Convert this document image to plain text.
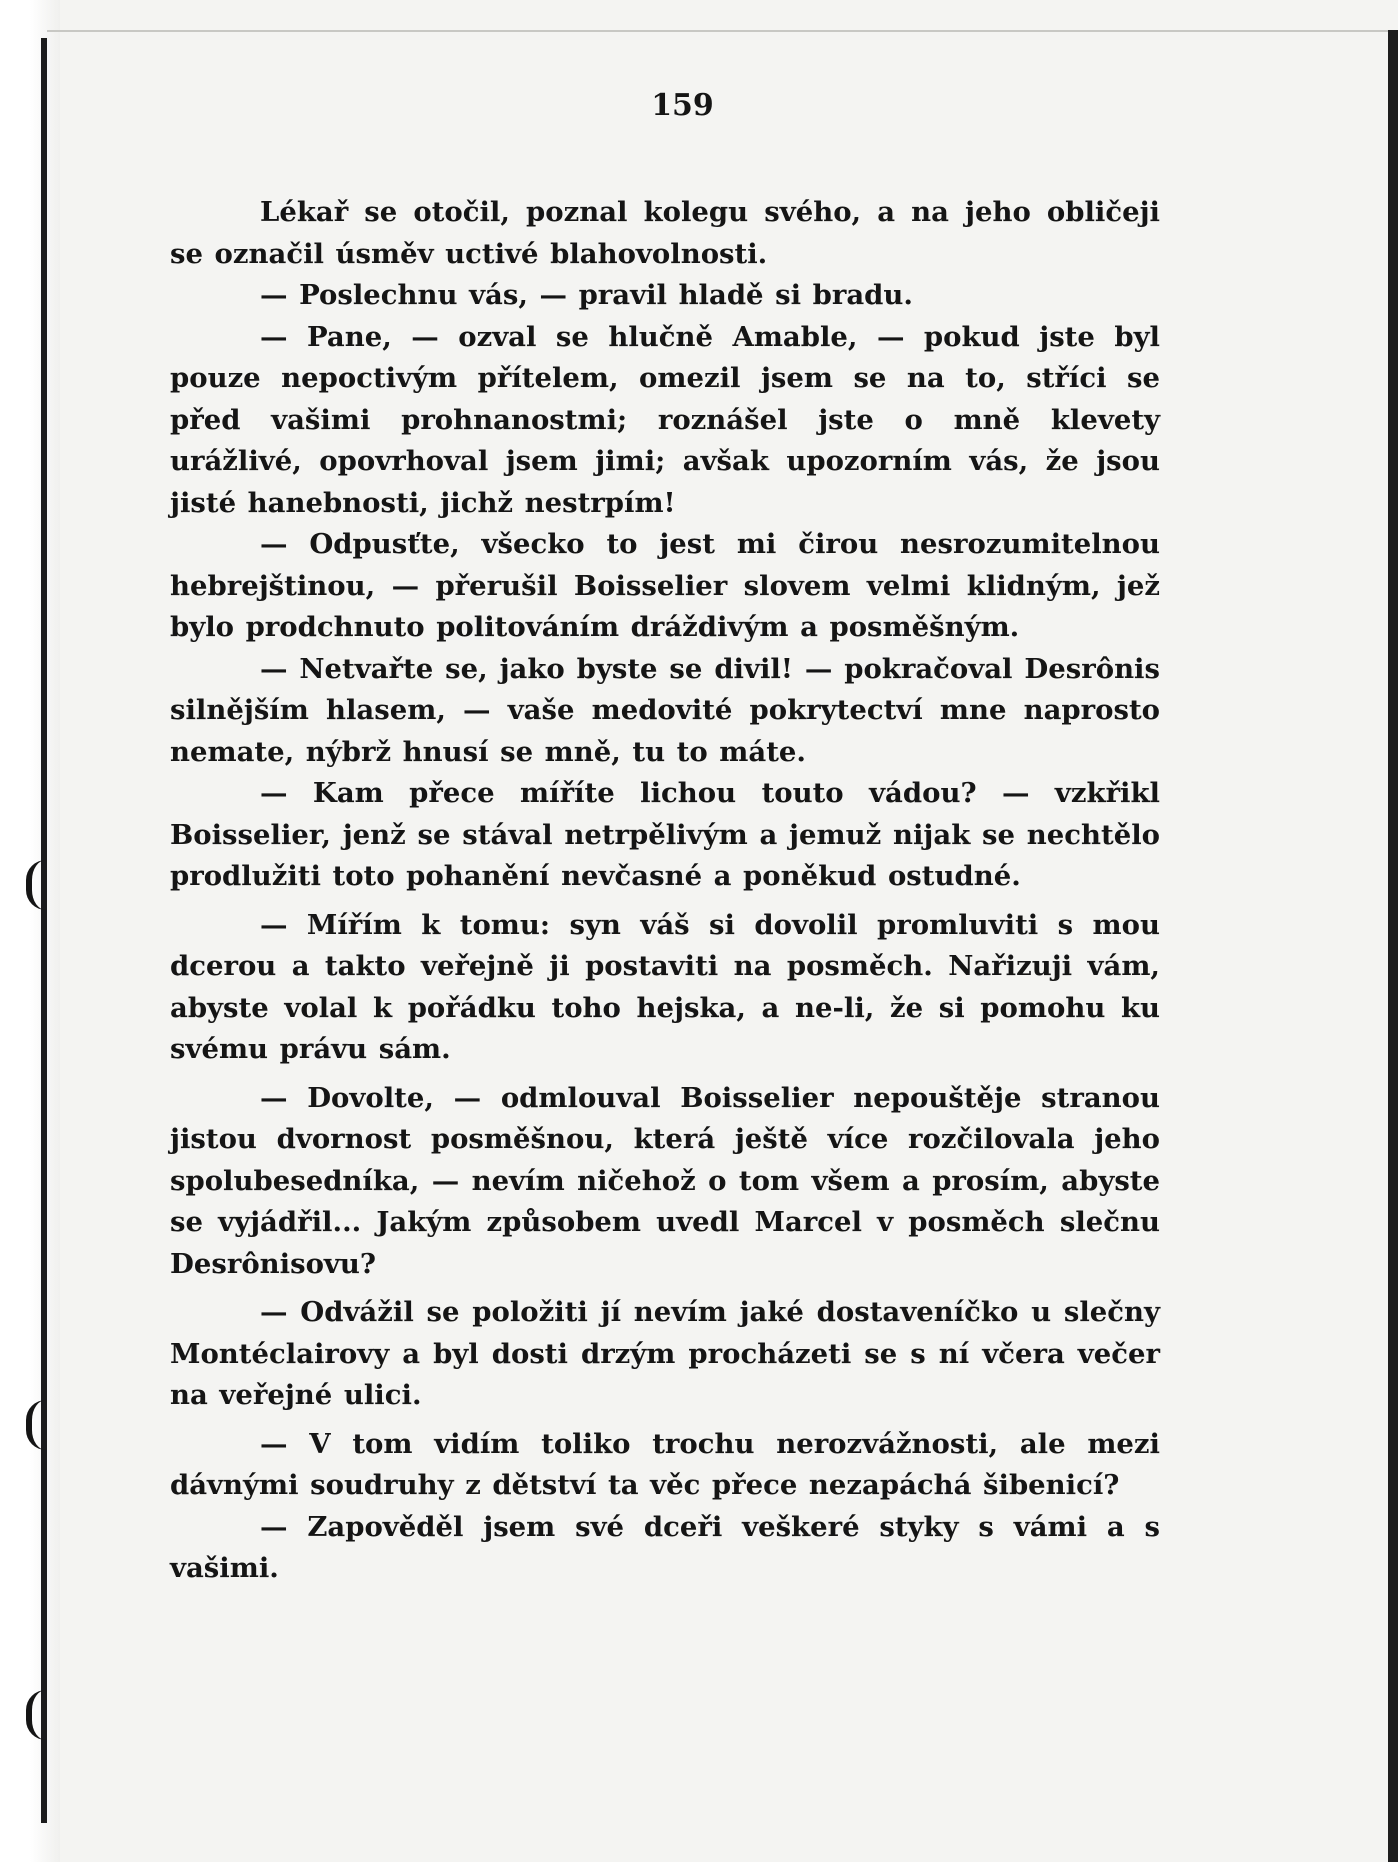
159

Lékař se otočil, poznal kolegu svého, a na jeho obličeji se označil úsměv uctivé blahovolnosti.

— Poslechnu vás, — pravil hladě si bradu.

— Pane, — ozval se hlučně Amable, — pokud jste byl pouze nepoctivým přítelem, omezil jsem se na to, stříci se před vašimi prohnanostmi; roznášel jste o mně klevety urážlivé, opovrhoval jsem jimi; avšak upozorním vás, že jsou jisté hanebnosti, jichž nestrpím!

— Odpusťte, všecko to jest mi čirou nesrozumitelnou hebrejštinou, — přerušil Boisselier slovem velmi klidným, jež bylo prodchnuto politováním dráždivým a posměšným.

— Netvařte se, jako byste se divil! — pokračoval Desrônis silnějším hlasem, — vaše medovité pokrytectví mne naprosto nemate, nýbrž hnusí se mně, tu to máte.

— Kam přece míříte lichou touto vádou? — vzkřikl Boisselier, jenž se stával netrpělivým a jemuž nijak se nechtělo prodlužiti toto pohanění nevčasné a poněkud ostudné.

— Mířím k tomu: syn váš si dovolil promluviti s mou dcerou a takto veřejně ji postaviti na posměch. Nařizuji vám, abyste volal k pořádku toho hejska, a ne-li, že si pomohu ku svému právu sám.

— Dovolte, — odmlouval Boisselier nepouštěje stranou jistou dvornost posměšnou, která ještě více rozčilovala jeho spolubesedníka, — nevím ničehož o tom všem a prosím, abyste se vyjádřil... Jakým způsobem uvedl Marcel v posměch slečnu Desrônisovu?

— Odvážil se položiti jí nevím jaké dostaveníčko u slečny Montéclairovy a byl dosti drzým procházeti se s ní včera večer na veřejné ulici.

— V tom vidím toliko trochu nerozvážnosti, ale mezi dávnými soudruhy z dětství ta věc přece nezapáchá šibenicí?

— Zapověděl jsem své dceři veškeré styky s vámi a s vašimi.
